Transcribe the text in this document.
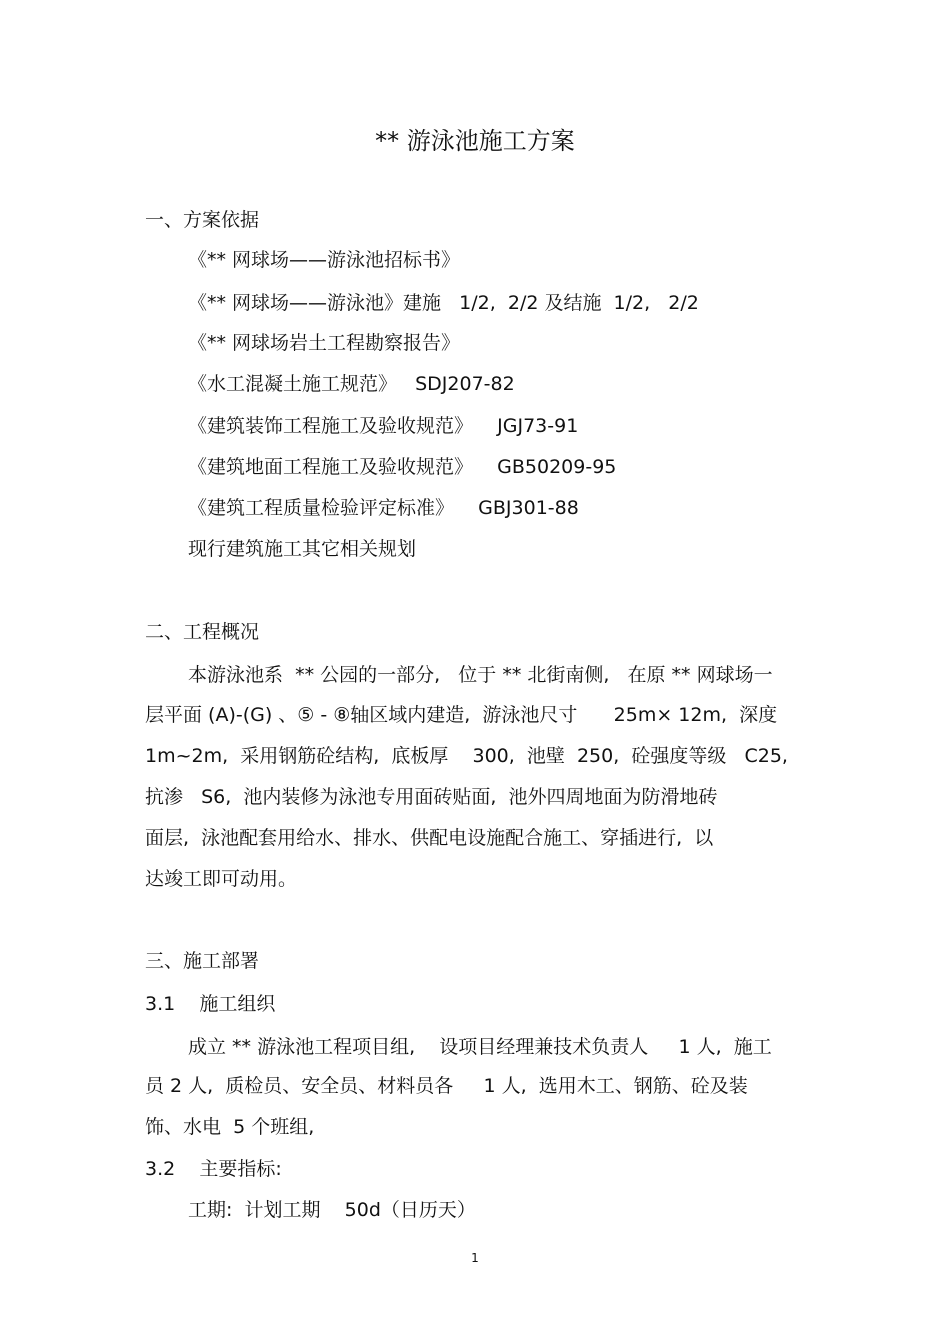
** 游泳池施工方案
一、方案依据
《** 网球场——游泳池招标书》
《** 网球场——游泳池》建施   1/2,  2/2 及结施  1/2,   2/2
《** 网球场岩土工程勘察报告》
《水工混凝土施工规范》   SDJ207-82
《建筑装饰工程施工及验收规范》    JGJ73-91
《建筑地面工程施工及验收规范》    GB50209-95
《建筑工程质量检验评定标准》    GBJ301-88
现行建筑施工其它相关规划
二、工程概况
本游泳池系  ** 公园的一部分,   位于 ** 北街南侧,   在原 ** 网球场一
层平面 (A)-(G) 、⑤ - ⑧轴区域内建造,  游泳池尺寸      25m× 12m,  深度
1m~2m,  采用钢筋砼结构,  底板厚    300,  池壁  250,  砼强度等级   C25,
抗渗   S6,  池内装修为泳池专用面砖贴面,  池外四周地面为防滑地砖
面层,  泳池配套用给水、排水、供配电设施配合施工、穿插进行,  以
达竣工即可动用。
三、施工部署
3.1    施工组织
成立 ** 游泳池工程项目组,    设项目经理兼技术负责人     1 人,  施工
员 2 人,  质检员、安全员、材料员各     1 人,  选用木工、钢筋、砼及装
饰、水电  5 个班组,
3.2    主要指标:
工期:  计划工期    50d（日历天）
1
